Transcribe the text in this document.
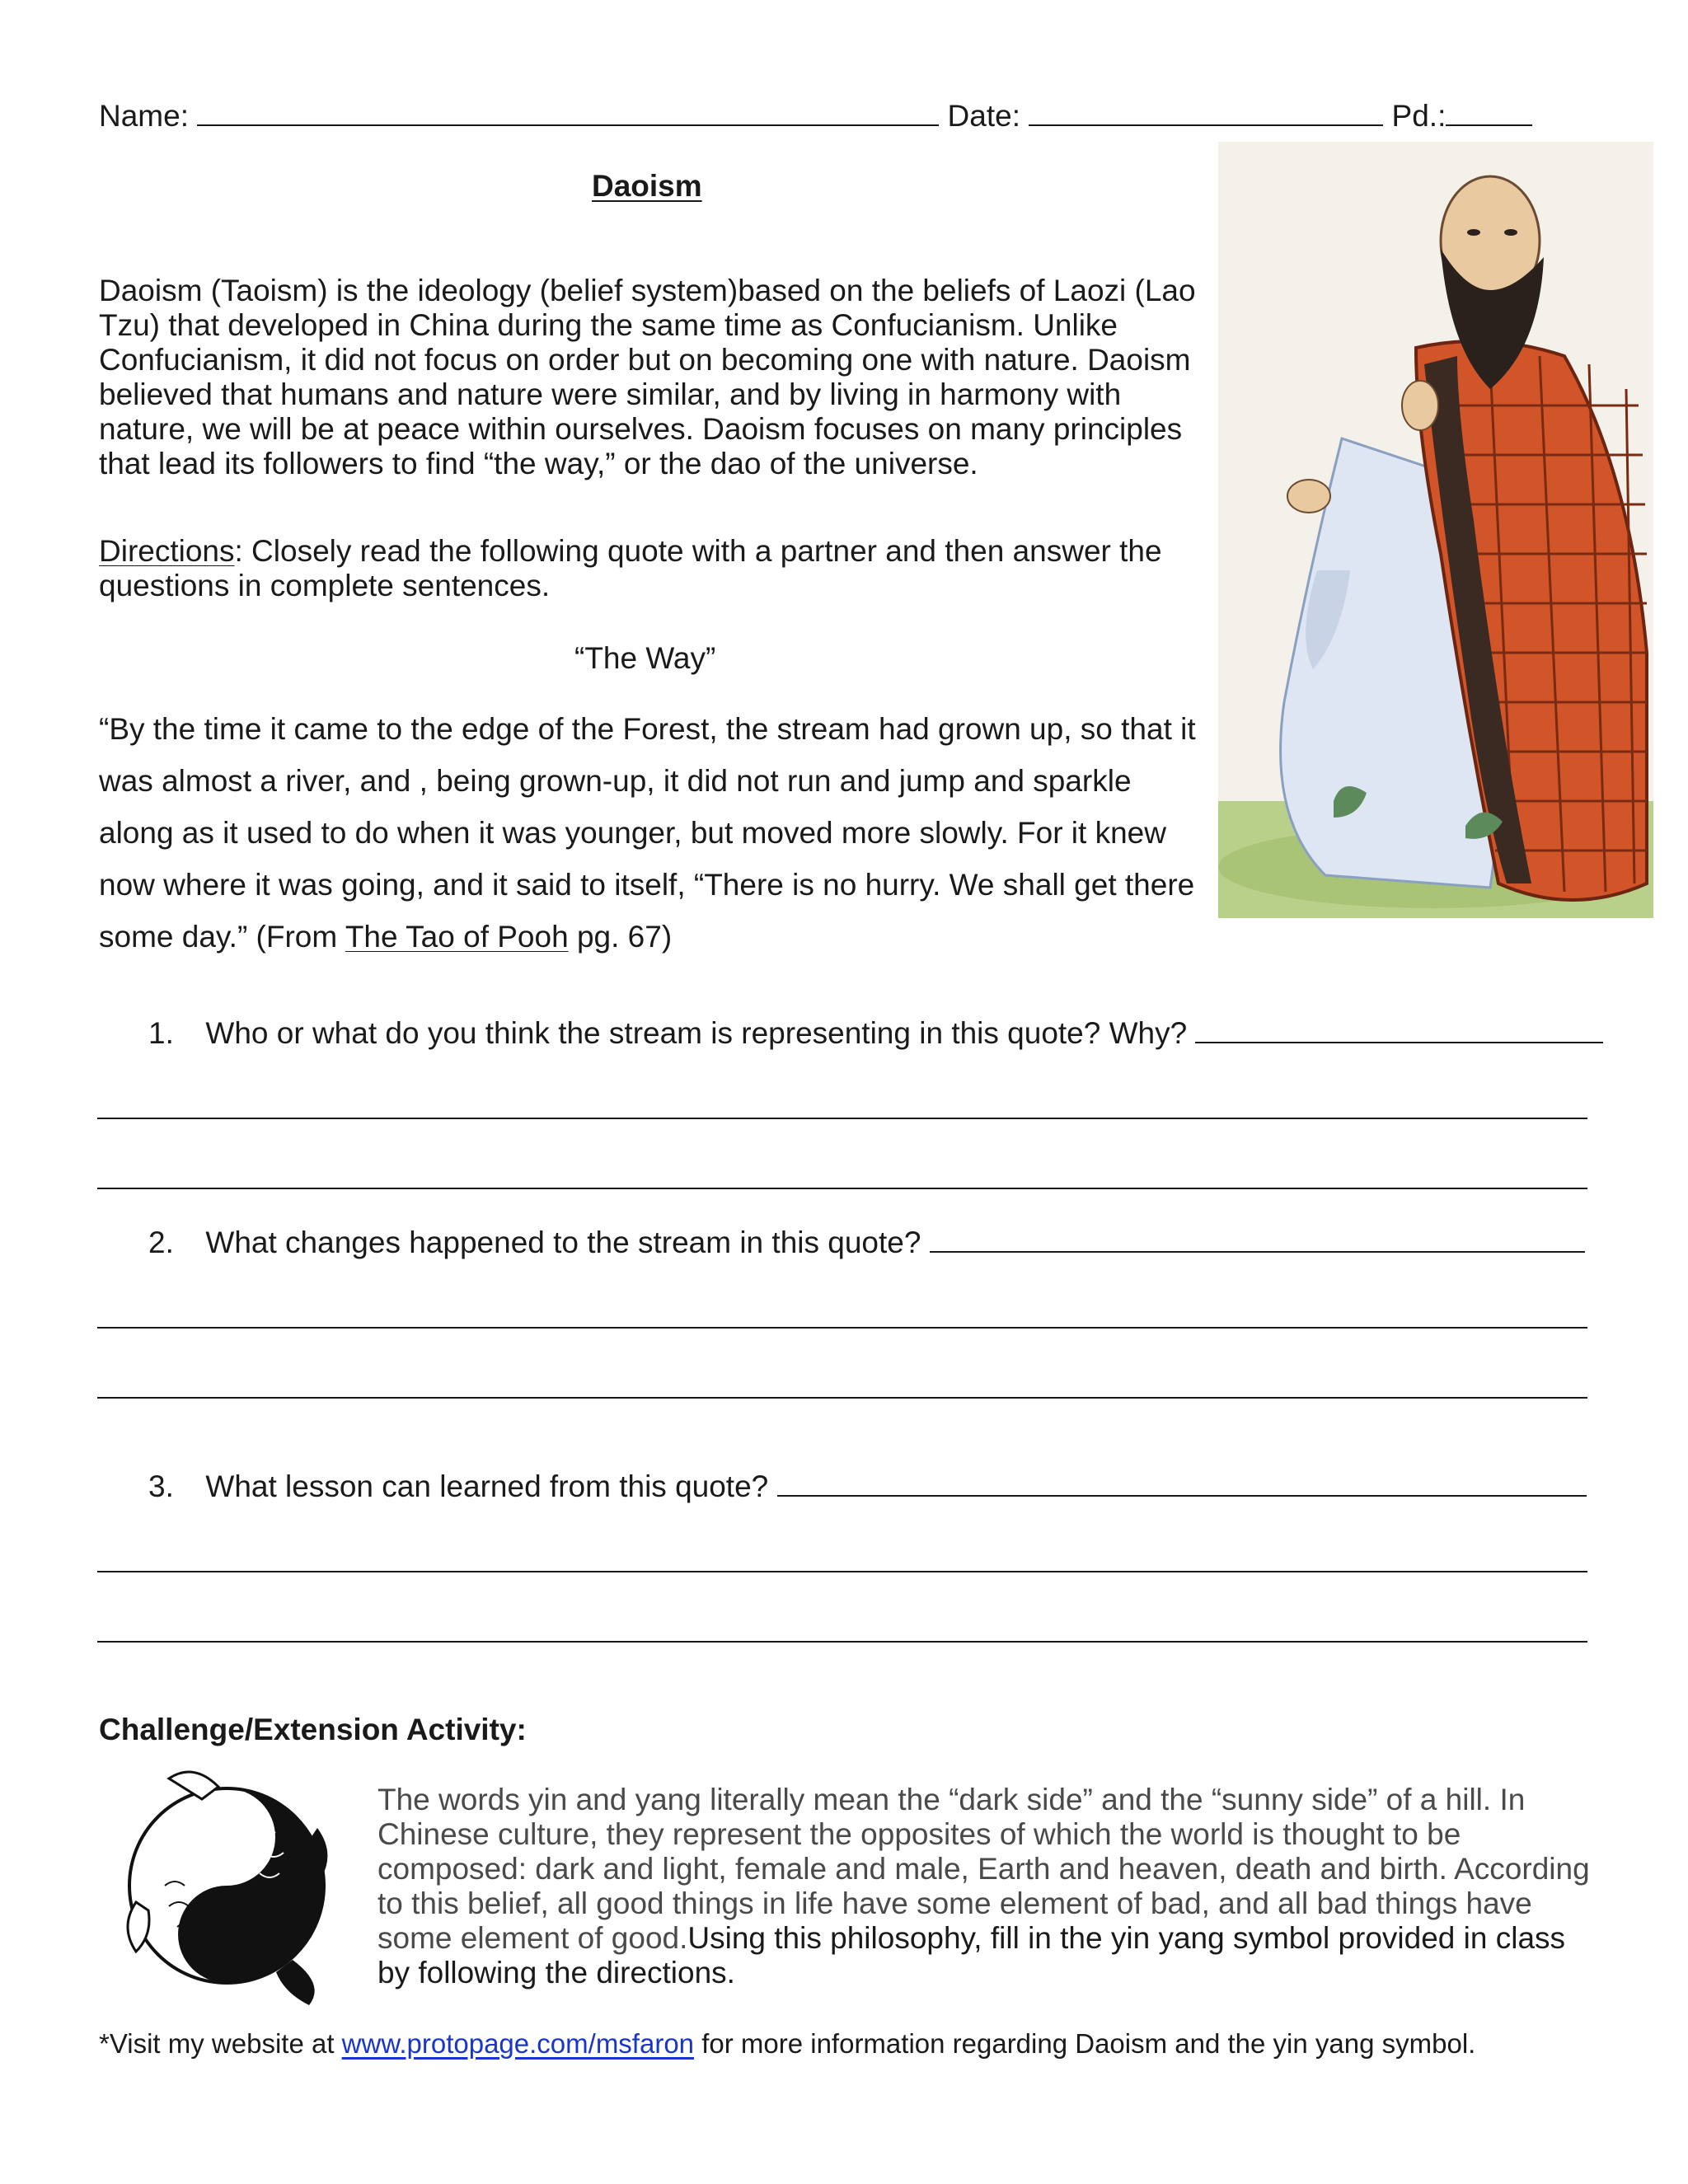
Name:	Date:	Pd.:
Daoism
Daoism (Taoism) is the ideology (belief system)based on the beliefs of Laozi (Lao Tzu) that developed in China during the same time as Confucianism. Unlike Confucianism, it did not focus on order but on becoming one with nature. Daoism believed that humans and nature were similar, and by living in harmony with nature, we will be at peace within ourselves. Daoism focuses on many principles that lead its followers to find “the way,” or the dao of the universe.
Directions: Closely read the following quote with a partner and then answer the questions in complete sentences.
“The Way”
“By the time it came to the edge of the Forest, the stream had grown up, so that it was almost a river, and , being grown-up, it did not run and jump and sparkle along as it used to do when it was younger, but moved more slowly. For it knew now where it was going, and it said to itself, “There is no hurry. We shall get there some day.” (From The Tao of Pooh pg. 67)
1. Who or what do you think the stream is representing in this quote? Why?
2. What changes happened to the stream in this quote?
3. What lesson can learned from this quote?
Challenge/Extension Activity:
The words yin and yang literally mean the “dark side” and the “sunny side” of a hill. In Chinese culture, they represent the opposites of which the world is thought to be composed: dark and light, female and male, Earth and heaven, death and birth. According to this belief, all good things in life have some element of bad, and all bad things have some element of good.Using this philosophy, fill in the yin yang symbol provided in class by following the directions.
*Visit my website at www.protopage.com/msfaron for more information regarding Daoism and the yin yang symbol.
